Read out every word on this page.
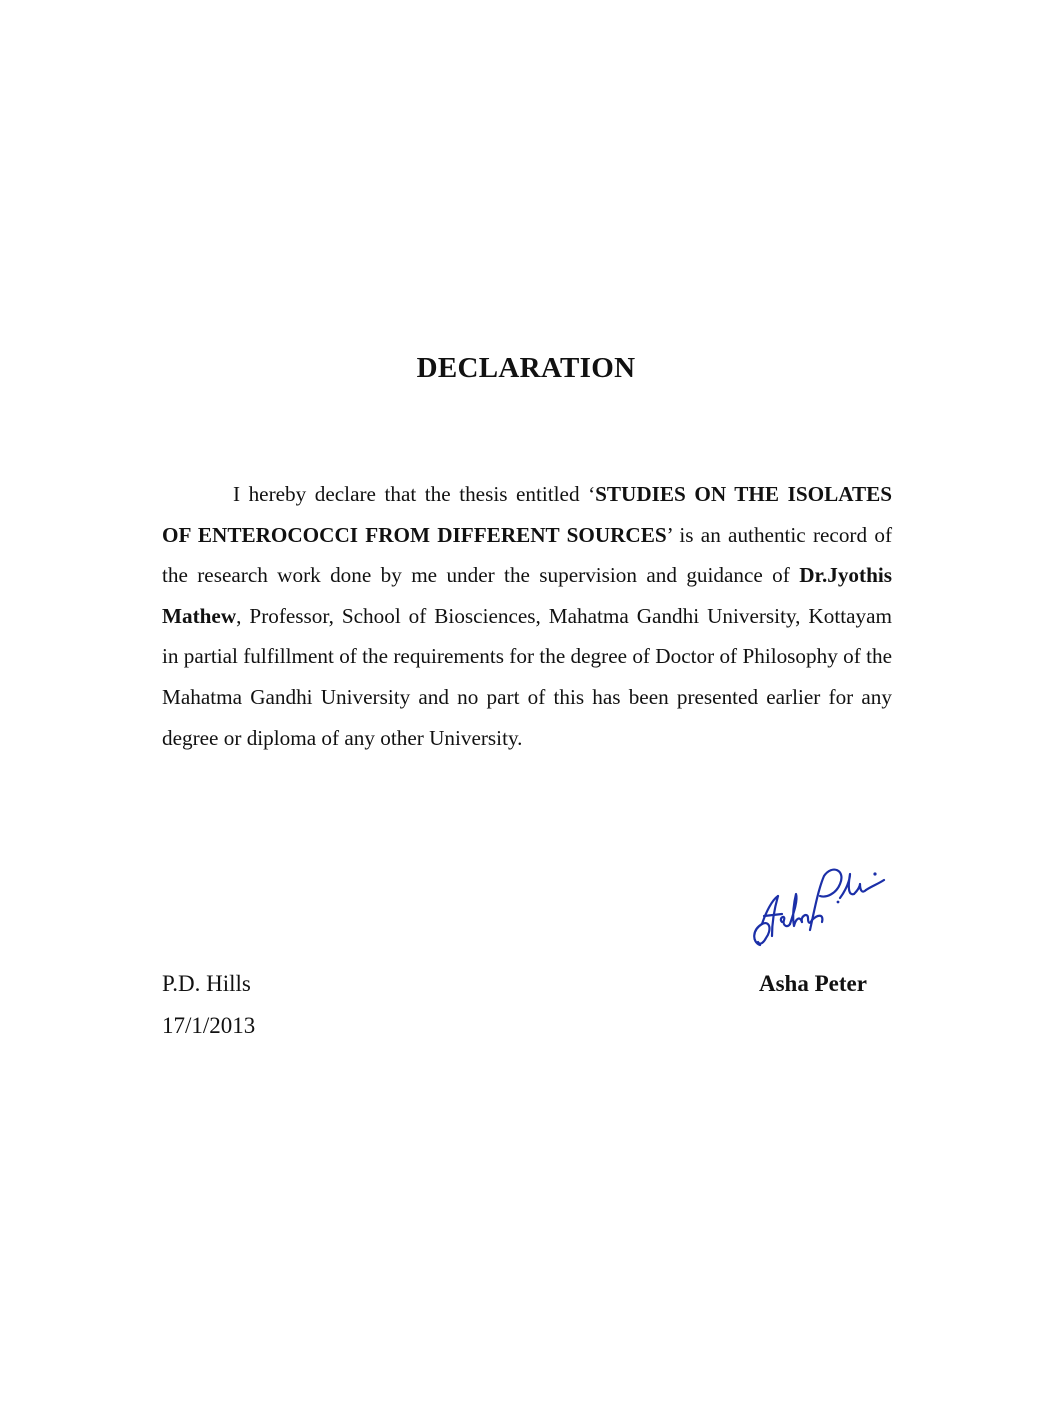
DECLARATION

I hereby declare that the thesis entitled ‘STUDIES ON THE ISOLATES OF ENTEROCOCCI FROM DIFFERENT SOURCES’ is an authentic record of the research work done by me under the supervision and guidance of Dr.Jyothis Mathew, Professor, School of Biosciences, Mahatma Gandhi University, Kottayam in partial fulfillment of the requirements for the degree of Doctor of Philosophy of the Mahatma Gandhi University and no part of this has been presented earlier for any degree or diploma of any other University.

P.D. Hills
17/1/2013
Asha Peter
